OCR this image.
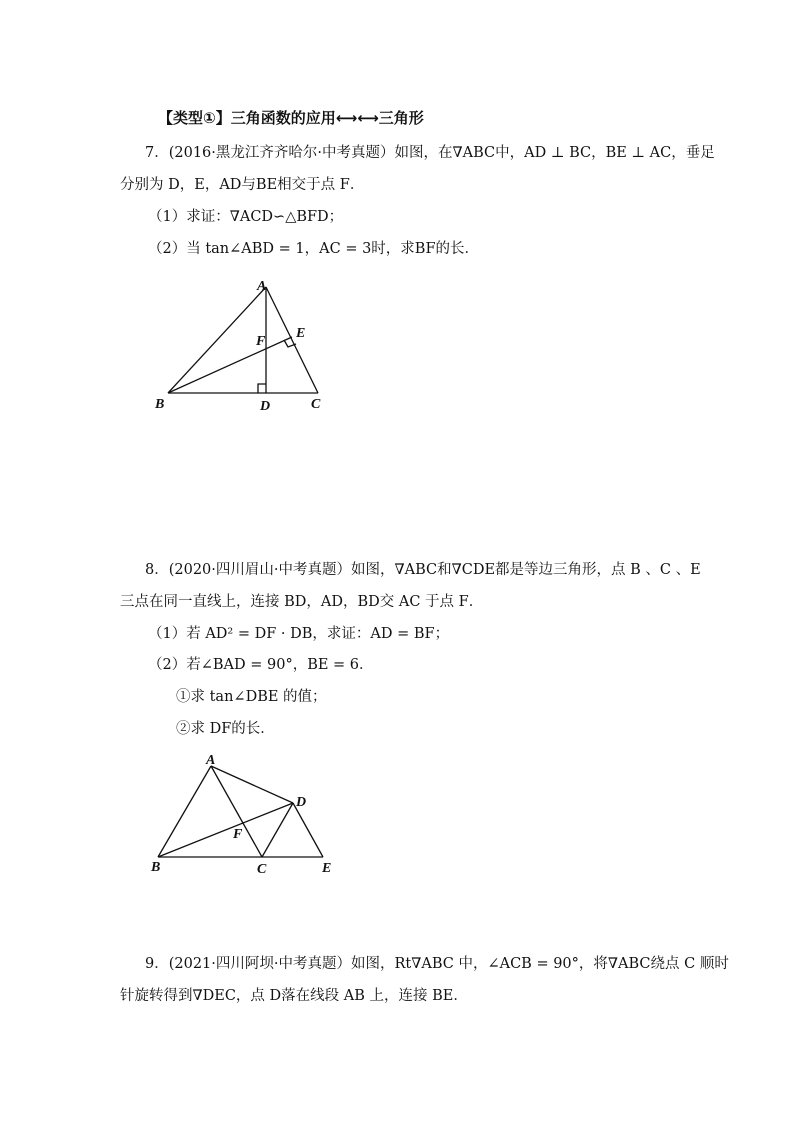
【类型①】三角函数的应用⟷⟷三角形
7．(2016·黑龙江齐齐哈尔·中考真题）如图，在∇ABC中，AD ⊥ BC，BE ⊥ AC，垂足
分别为 D，E，AD与BE相交于点 F．
（1）求证：∇ACD∽△BFD；
（2）当 tan∠ABD = 1，AC = 3时，求BF的长．
A
B	C
D
E
F
8．(2020·四川眉山·中考真题）如图，∇ABC和∇CDE都是等边三角形，点 B 、C 、E
三点在同一直线上，连接 BD，AD，BD交 AC 于点 F．
（1）若 AD² = DF · DB，求证：AD = BF；
（2）若∠BAD = 90°，BE = 6．
①求 tan∠DBE 的值；
②求 DF的长．
A
B	C
D
E
F
9．(2021·四川阿坝·中考真题）如图，Rt∇ABC 中，∠ACB = 90°，将∇ABC绕点 C 顺时
针旋转得到∇DEC，点 D落在线段 AB 上，连接 BE．
